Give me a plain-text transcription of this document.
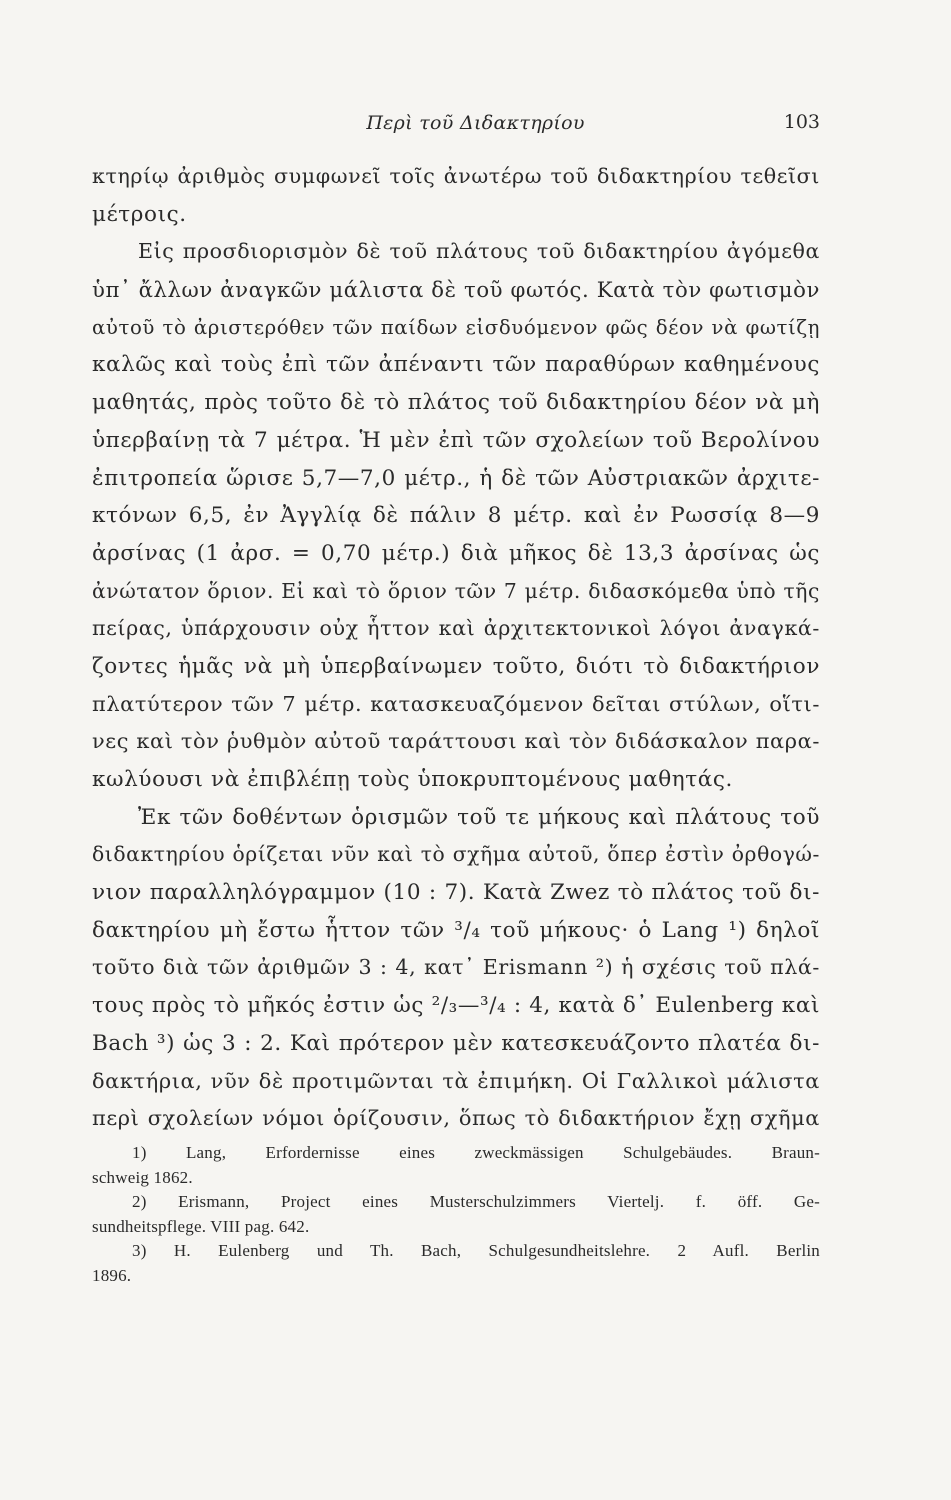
Περὶ τοῦ Διδακτηρίου	103
κτηρίῳ ἀριθμὸς συμφωνεῖ τοῖς ἀνωτέρω τοῦ διδακτηρίου τεθεῖσι
μέτροις.
Εἰς προσδιορισμὸν δὲ τοῦ πλάτους τοῦ διδακτηρίου ἀγόμεθα
ὑπ᾽ ἄλλων ἀναγκῶν μάλιστα δὲ τοῦ φωτός. Κατὰ τὸν φωτισμὸν
αὐτοῦ τὸ ἀριστερόθεν τῶν παίδων εἰσδυόμενον φῶς δέον νὰ φωτίζῃ
καλῶς καὶ τοὺς ἐπὶ τῶν ἀπέναντι τῶν παραθύρων καθημένους
μαθητάς, πρὸς τοῦτο δὲ τὸ πλάτος τοῦ διδακτηρίου δέον νὰ μὴ
ὑπερβαίνῃ τὰ 7 μέτρα. Ἡ μὲν ἐπὶ τῶν σχολείων τοῦ Βερολίνου
ἐπιτροπεία ὥρισε 5,7—7,0 μέτρ., ἡ δὲ τῶν Αὐστριακῶν ἀρχιτε-
κτόνων 6,5, ἐν Ἀγγλίᾳ δὲ πάλιν 8 μέτρ. καὶ ἐν Ρωσσίᾳ 8—9
ἀρσίνας (1 ἀρσ. = 0,70 μέτρ.) διὰ μῆκος δὲ 13,3 ἀρσίνας ὡς
ἀνώτατον ὅριον. Εἰ καὶ τὸ ὅριον τῶν 7 μέτρ. διδασκόμεθα ὑπὸ τῆς
πείρας, ὑπάρχουσιν οὐχ ἧττον καὶ ἀρχιτεκτονικοὶ λόγοι ἀναγκά-
ζοντες ἡμᾶς νὰ μὴ ὑπερβαίνωμεν τοῦτο, διότι τὸ διδακτήριον
πλατύτερον τῶν 7 μέτρ. κατασκευαζόμενον δεῖται στύλων, οἵτι-
νες καὶ τὸν ῥυθμὸν αὐτοῦ ταράττουσι καὶ τὸν διδάσκαλον παρα-
κωλύουσι νὰ ἐπιβλέπῃ τοὺς ὑποκρυπτομένους μαθητάς.
Ἐκ τῶν δοθέντων ὁρισμῶν τοῦ τε μήκους καὶ πλάτους τοῦ
διδακτηρίου ὁρίζεται νῦν καὶ τὸ σχῆμα αὐτοῦ, ὅπερ ἐστὶν ὀρθογώ-
νιον παραλληλόγραμμον (10 : 7). Κατὰ Zwez τὸ πλάτος τοῦ δι-
δακτηρίου μὴ ἔστω ἧττον τῶν ³/₄ τοῦ μήκους· ὁ Lang ¹) δηλοῖ
τοῦτο διὰ τῶν ἀριθμῶν 3 : 4, κατ᾽ Erismann ²) ἡ σχέσις τοῦ πλά-
τους πρὸς τὸ μῆκός ἐστιν ὡς ²/₃—³/₄ : 4, κατὰ δ᾽ Eulenberg καὶ
Bach ³) ὡς 3 : 2. Καὶ πρότερον μὲν κατεσκευάζοντο πλατέα δι-
δακτήρια, νῦν δὲ προτιμῶνται τὰ ἐπιμήκη. Οἱ Γαλλικοὶ μάλιστα
περὶ σχολείων νόμοι ὁρίζουσιν, ὅπως τὸ διδακτήριον ἔχῃ σχῆμα
1) Lang, Erfordernisse eines zweckmässigen Schulgebäudes. Braun-
schweig 1862.
2) Erismann, Project eines Musterschulzimmers Viertelj. f. öff. Ge-
sundheitspflege. VIII pag. 642.
3) H. Eulenberg und Th. Bach, Schulgesundheitslehre. 2 Aufl. Berlin
1896.
